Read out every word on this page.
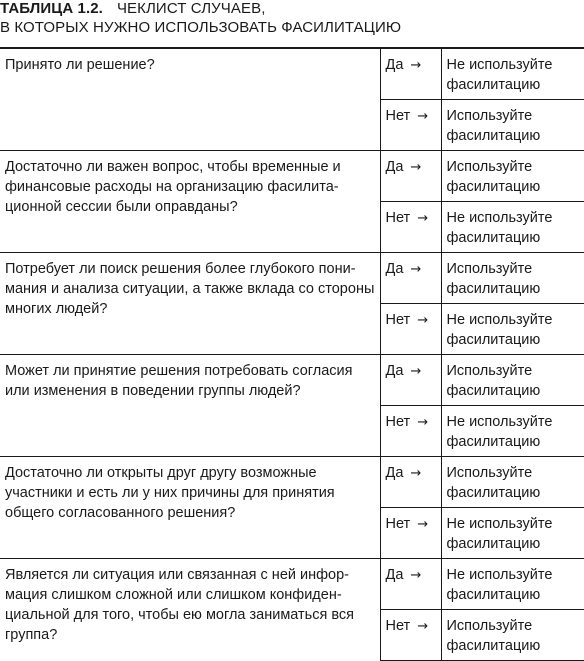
ТАБЛИЦА 1.2. ЧЕКЛИСТ СЛУЧАЕВ,
В КОТОРЫХ НУЖНО ИСПОЛЬЗОВАТЬ ФАСИЛИТАЦИЮ
Принято ли решение?	Да →	Не используйте фасилитацию

	Нет →	Используйте фасилитацию

Достаточно ли важен вопрос, чтобы временные и финансовые расходы на организацию фасилитационной сессии были оправданы?	Да →	Используйте фасилитацию

	Нет →	Не используйте фасилитацию

Потребует ли поиск решения более глубокого понимания и анализа ситуации, а также вклада со стороны многих людей?	Да →	Используйте фасилитацию

	Нет →	Не используйте фасилитацию

Может ли принятие решения потребовать согласия или изменения в поведении группы людей?	Да →	Используйте фасилитацию

	Нет →	Не используйте фасилитацию

Достаточно ли открыты друг другу возможные участники и есть ли у них причины для принятия общего согласованного решения?	Да →	Используйте фасилитацию

	Нет →	Не используйте фасилитацию

Является ли ситуация или связанная с ней информация слишком сложной или слишком конфиденциальной для того, чтобы ею могла заниматься вся группа?	Да →	Не используйте фасилитацию

	Нет →	Используйте фасилитацию
